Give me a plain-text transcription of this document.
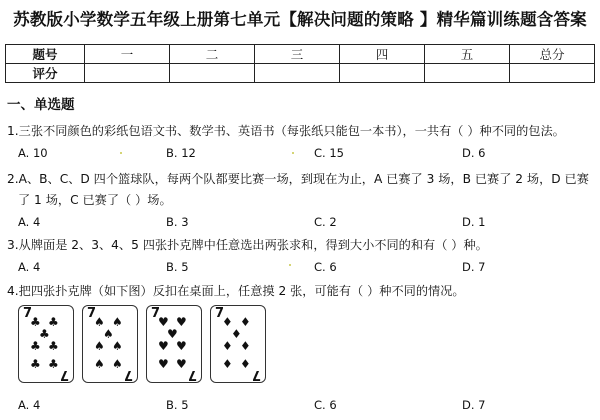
苏教版小学数学五年级上册第七单元【解决问题的策略 】精华篇训练题含答案
题号	一	二	三	四	五	总分
评分						
一、单选题
1.三张不同颜色的彩纸包语文书、数学书、英语书（每张纸只能包一本书），一共有（ ）种不同的包法。
A. 10	B. 12	C. 15	D. 6
2.A、B、C、D 四个篮球队，每两个队都要比赛一场，到现在为止，A 已赛了 3 场，B 已赛了 2 场，D 已赛
了 1 场，C 已赛了（ ）场。
A. 4	B. 3	C. 2	D. 1
3.从牌面是 2、3、4、5 四张扑克牌中任意选出两张求和，得到大小不同的和有（ ）种。
A. 4	B. 5	C. 6	D. 7
4.把四张扑克牌（如下图）反扣在桌面上，任意摸 2 张，可能有（ ）种不同的情况。
7
7
♣ ♣
♣
♣ ♣
♣ ♣
7
7
♠ ♠
♠
♠ ♠
♠ ♠
7
7
♥ ♥
♥
♥ ♥
♥ ♥
7
7
♦ ♦
♦
♦ ♦
♦ ♦
A. 4	B. 5	C. 6	D. 7
